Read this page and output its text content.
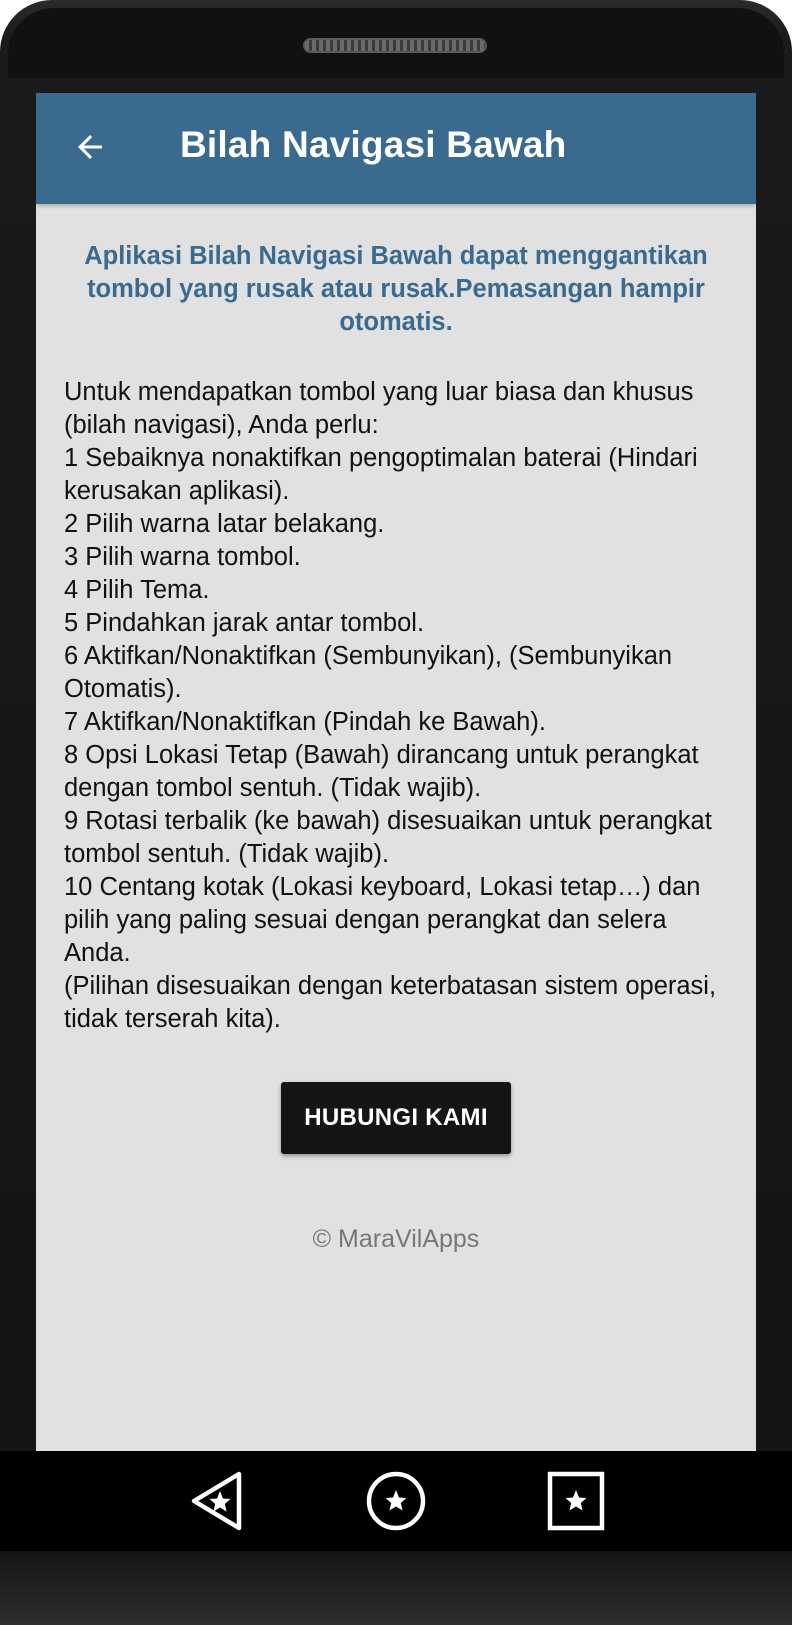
Bilah Navigasi Bawah
Aplikasi Bilah Navigasi Bawah dapat menggantikan tombol yang rusak atau rusak.Pemasangan hampir otomatis.
Untuk mendapatkan tombol yang luar biasa dan khusus (bilah navigasi), Anda perlu:
1 Sebaiknya nonaktifkan pengoptimalan baterai (Hindari kerusakan aplikasi).
2 Pilih warna latar belakang.
3 Pilih warna tombol.
4 Pilih Tema.
5 Pindahkan jarak antar tombol.
6 Aktifkan/Nonaktifkan (Sembunyikan), (Sembunyikan Otomatis).
7 Aktifkan/Nonaktifkan (Pindah ke Bawah).
8 Opsi Lokasi Tetap (Bawah) dirancang untuk perangkat dengan tombol sentuh. (Tidak wajib).
9 Rotasi terbalik (ke bawah) disesuaikan untuk perangkat tombol sentuh. (Tidak wajib).
10 Centang kotak (Lokasi keyboard, Lokasi tetap…) dan pilih yang paling sesuai dengan perangkat dan selera Anda.
(Pilihan disesuaikan dengan keterbatasan sistem operasi, tidak terserah kita).
HUBUNGI KAMI
© MaraVilApps
